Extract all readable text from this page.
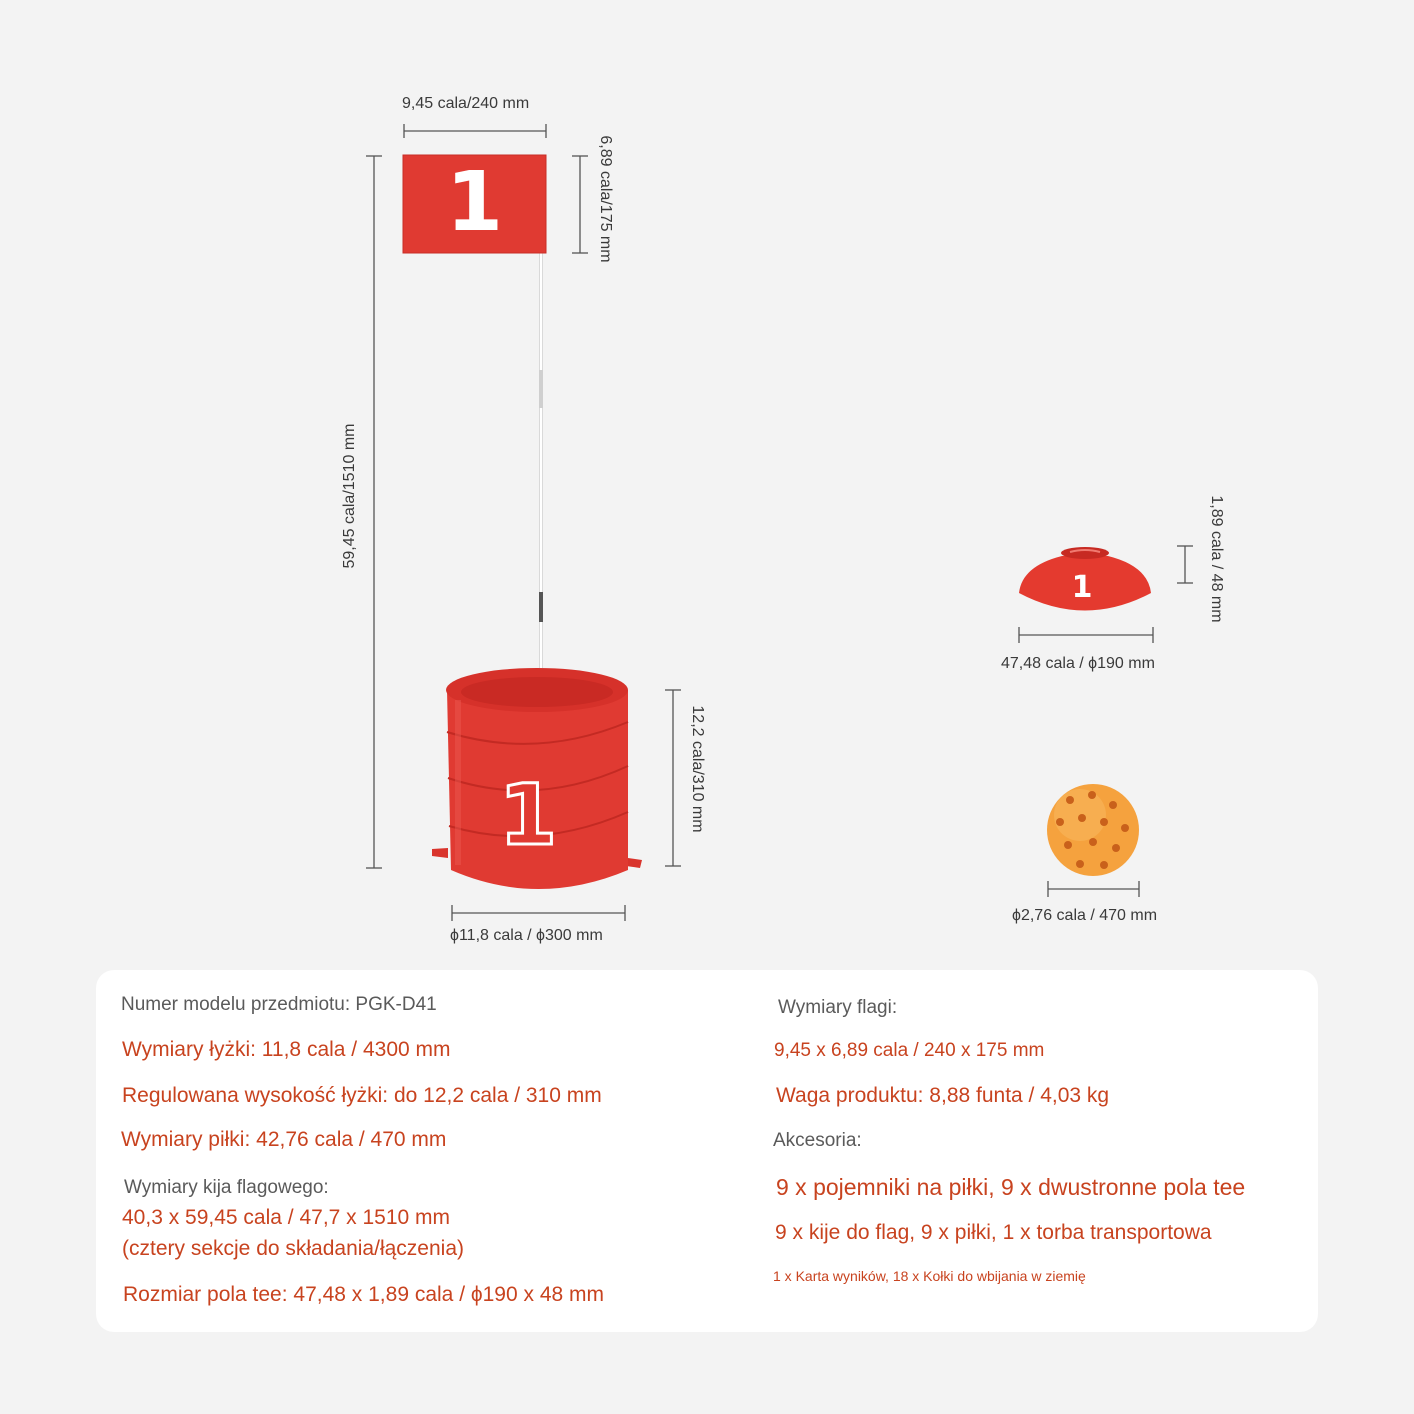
1
1
1
9,45 cala/240 mm
6,89 cala/175 mm
59,45 cala/1510 mm
12,2 cala/310 mm
ϕ11,8 cala / ϕ300 mm
1,89 cala / 48 mm
47,48 cala / ϕ190 mm
ϕ2,76 cala / 470 mm
Numer modelu przedmiotu: PGK-D41
Wymiary łyżki: 11,8 cala / 4300 mm
Regulowana wysokość łyżki: do 12,2 cala / 310 mm
Wymiary piłki: 42,76 cala / 470 mm
Wymiary kija flagowego:
40,3 x 59,45 cala / 47,7 x 1510 mm
(cztery sekcje do składania/łączenia)
Rozmiar pola tee: 47,48 x 1,89 cala / ϕ190 x 48 mm
Wymiary flagi:
9,45 x 6,89 cala / 240 x 175 mm
Waga produktu: 8,88 funta / 4,03 kg
Akcesoria:
9 x pojemniki na piłki, 9 x dwustronne pola tee
9 x kije do flag, 9 x piłki, 1 x torba transportowa
1 x Karta wyników, 18 x Kołki do wbijania w ziemię
